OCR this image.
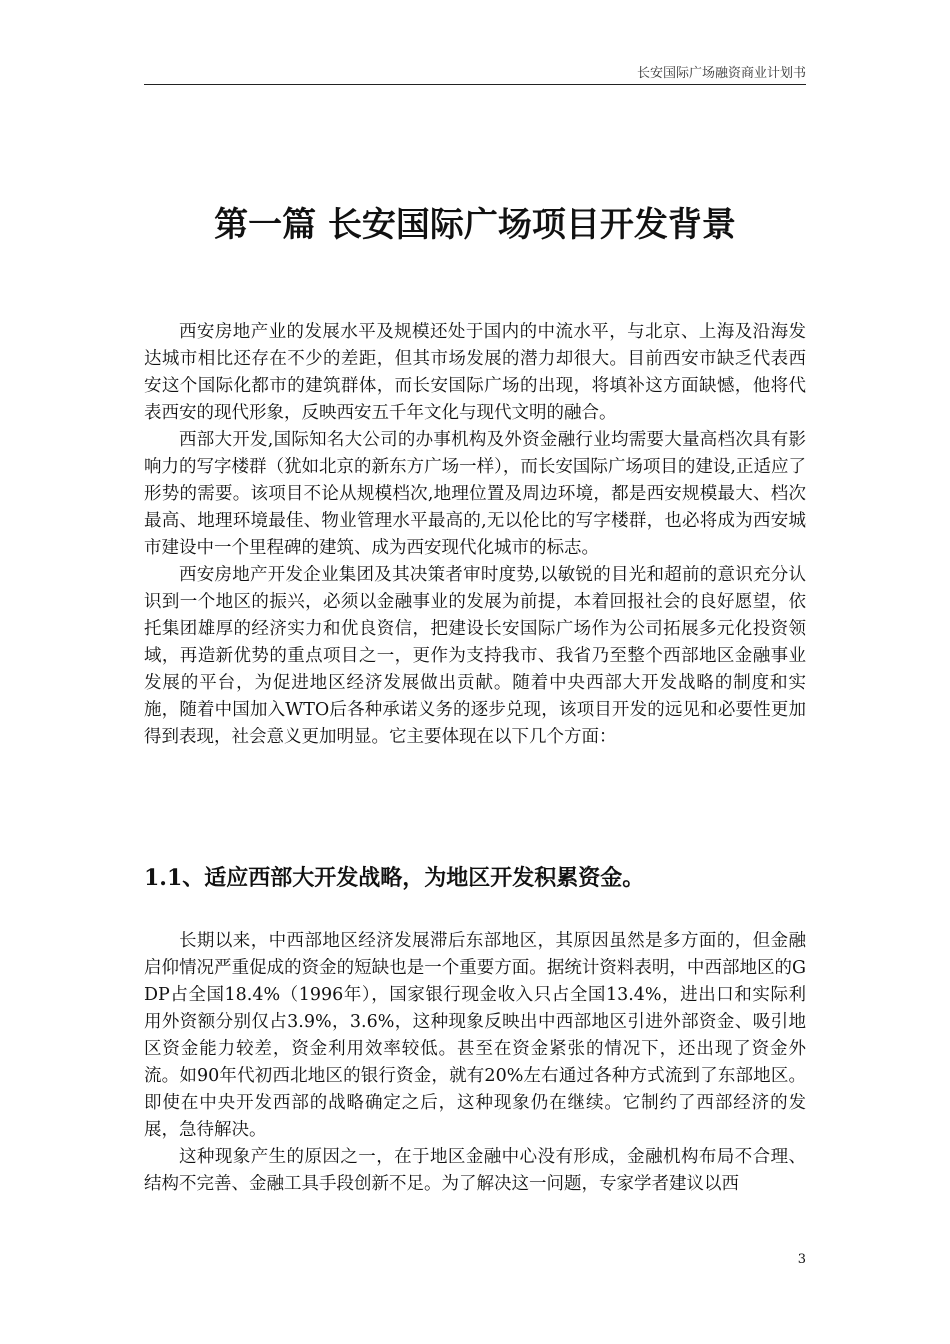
长安国际广场融资商业计划书
第一篇 长安国际广场项目开发背景

西安房地产业的发展水平及规模还处于国内的中流水平，与北京、上海及沿海发达城市相比还存在不少的差距，但其市场发展的潜力却很大。目前西安市缺乏代表西安这个国际化都市的建筑群体，而长安国际广场的出现，将填补这方面缺憾，他将代表西安的现代形象，反映西安五千年文化与现代文明的融合。

西部大开发,国际知名大公司的办事机构及外资金融行业均需要大量高档次具有影响力的写字楼群（犹如北京的新东方广场一样），而长安国际广场项目的建设,正适应了形势的需要。该项目不论从规模档次,地理位置及周边环境，都是西安规模最大、档次最高、地理环境最佳、物业管理水平最高的,无以伦比的写字楼群，也必将成为西安城市建设中一个里程碑的建筑、成为西安现代化城市的标志。

西安房地产开发企业集团及其决策者审时度势,以敏锐的目光和超前的意识充分认识到一个地区的振兴，必须以金融事业的发展为前提，本着回报社会的良好愿望，依托集团雄厚的经济实力和优良资信，把建设长安国际广场作为公司拓展多元化投资领域，再造新优势的重点项目之一，更作为支持我市、我省乃至整个西部地区金融事业发展的平台，为促进地区经济发展做出贡献。随着中央西部大开发战略的制度和实施，随着中国加入WTO后各种承诺义务的逐步兑现，该项目开发的远见和必要性更加得到表现，社会意义更加明显。它主要体现在以下几个方面：

1.1、适应西部大开发战略，为地区开发积累资金。

长期以来，中西部地区经济发展滞后东部地区，其原因虽然是多方面的，但金融启仰情况严重促成的资金的短缺也是一个重要方面。据统计资料表明，中西部地区的GDP占全国18.4%（1996年），国家银行现金收入只占全国13.4%，进出口和实际利用外资额分别仅占3.9%，3.6%，这种现象反映出中西部地区引进外部资金、吸引地区资金能力较差，资金利用效率较低。甚至在资金紧张的情况下，还出现了资金外流。如90年代初西北地区的银行资金，就有20%左右通过各种方式流到了东部地区。即使在中央开发西部的战略确定之后，这种现象仍在继续。它制约了西部经济的发展，急待解决。

这种现象产生的原因之一，在于地区金融中心没有形成，金融机构布局不合理、结构不完善、金融工具手段创新不足。为了解决这一问题，专家学者建议以西

3
